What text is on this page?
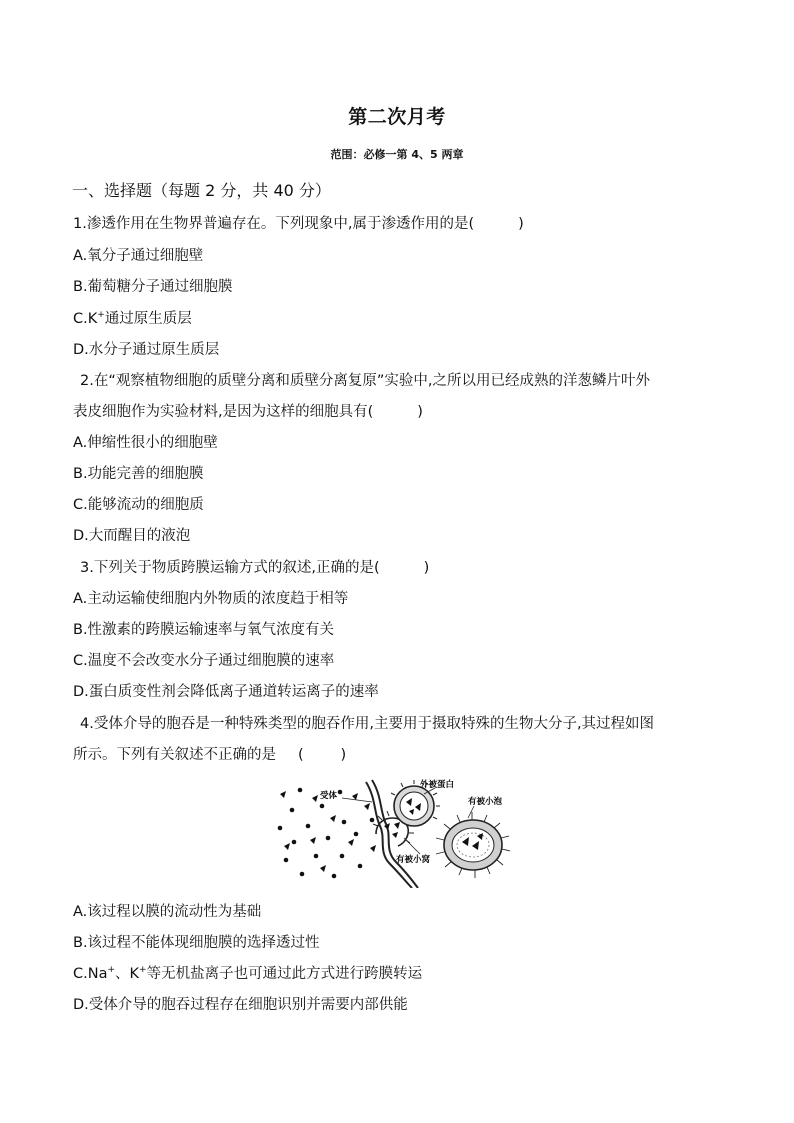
第二次月考
范围：必修一第 4、5 两章
一、选择题（每题 2 分，共 40 分）
1.渗透作用在生物界普遍存在。下列现象中,属于渗透作用的是(	)
A.氧分子通过细胞壁
B.葡萄糖分子通过细胞膜
C.K+通过原生质层
D.水分子通过原生质层
2.在“观察植物细胞的质壁分离和质壁分离复原”实验中,之所以用已经成熟的洋葱鳞片叶外
表皮细胞作为实验材料,是因为这样的细胞具有(	)
A.伸缩性很小的细胞壁
B.功能完善的细胞膜
C.能够流动的细胞质
D.大而醒目的液泡
3.下列关于物质跨膜运输方式的叙述,正确的是(	)
A.主动运输使细胞内外物质的浓度趋于相等
B.性激素的跨膜运输速率与氧气浓度有关
C.温度不会改变水分子通过细胞膜的速率
D.蛋白质变性剂会降低离子通道转运离子的速率
4.受体介导的胞吞是一种特殊类型的胞吞作用,主要用于摄取特殊的生物大分子,其过程如图
所示。下列有关叙述不正确的是 (        )
受体
外被蛋白
有被小泡
有被小窝
A.该过程以膜的流动性为基础
B.该过程不能体现细胞膜的选择透过性
C.Na+、K+等无机盐离子也可通过此方式进行跨膜转运
D.受体介导的胞吞过程存在细胞识别并需要内部供能
